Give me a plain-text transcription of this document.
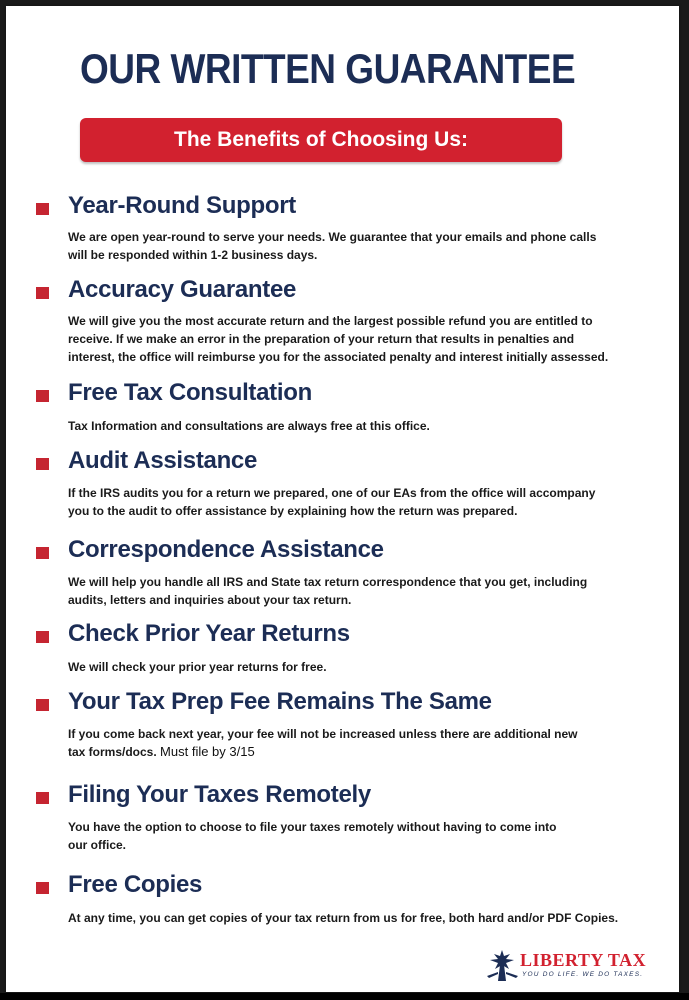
OUR WRITTEN GUARANTEE
The Benefits of Choosing Us:
Year-Round Support

We are open year-round to serve your needs. We guarantee that your emails and phone calls
will be responded within 1-2 business days.

Accuracy Guarantee

We will give you the most accurate return and the largest possible refund you are entitled to
receive. If we make an error in the preparation of your return that results in penalties and
interest, the office will reimburse you for the associated penalty and interest initially assessed.

Free Tax Consultation

Tax Information and consultations are always free at this office.

Audit Assistance

If the IRS audits you for a return we prepared, one of our EAs from the office will accompany
you to the audit to offer assistance by explaining how the return was prepared.

Correspondence Assistance

We will help you handle all IRS and State tax return correspondence that you get, including
audits, letters and inquiries about your tax return.

Check Prior Year Returns

We will check your prior year returns for free.

Your Tax Prep Fee Remains The Same

If you come back next year, your fee will not be increased unless there are additional new
tax forms/docs. Must file by 3/15

Filing Your Taxes Remotely

You have the option to choose to file your taxes remotely without having to come into
our office.

Free Copies

At any time, you can get copies of your tax return from us for free, both hard and/or PDF Copies.

LIBERTY TAX
YOU DO LIFE. WE DO TAXES.
